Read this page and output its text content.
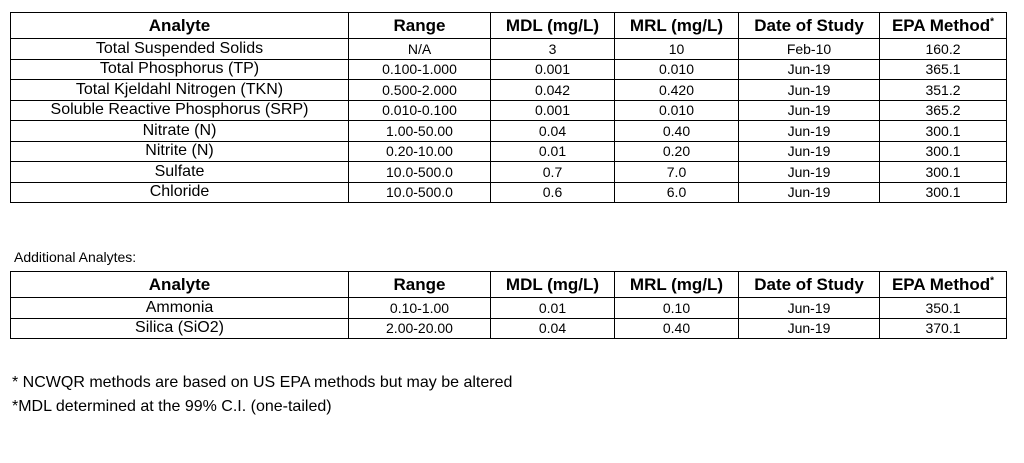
Analyte	Range	MDL (mg/L)	MRL (mg/L)	Date of Study	EPA Method*
Total Suspended Solids	N/A	3	10	Feb-10	160.2
Total Phosphorus (TP)	0.100-1.000	0.001	0.010	Jun-19	365.1
Total Kjeldahl Nitrogen (TKN)	0.500-2.000	0.042	0.420	Jun-19	351.2
Soluble Reactive Phosphorus (SRP)	0.010-0.100	0.001	0.010	Jun-19	365.2
Nitrate (N)	1.00-50.00	0.04	0.40	Jun-19	300.1
Nitrite (N)	0.20-10.00	0.01	0.20	Jun-19	300.1
Sulfate	10.0-500.0	0.7	7.0	Jun-19	300.1
Chloride	10.0-500.0	0.6	6.0	Jun-19	300.1
Additional Analytes:
Analyte	Range	MDL (mg/L)	MRL (mg/L)	Date of Study	EPA Method*
Ammonia	0.10-1.00	0.01	0.10	Jun-19	350.1
Silica (SiO2)	2.00-20.00	0.04	0.40	Jun-19	370.1
* NCWQR methods are based on US EPA methods but may be altered
*MDL determined at the 99% C.I. (one-tailed)
